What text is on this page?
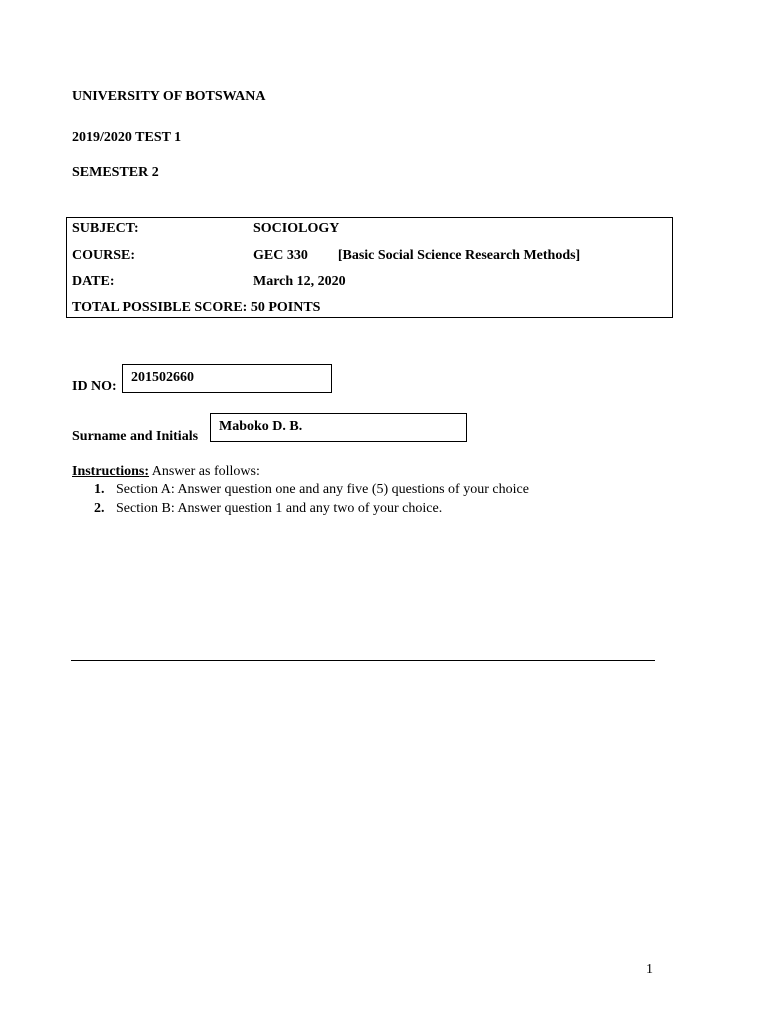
UNIVERSITY OF BOTSWANA
2019/2020 TEST 1
SEMESTER 2
SUBJECT:	SOCIOLOGY
COURSE:	GEC 330 [Basic Social Science Research Methods]
DATE:	March 12, 2020
TOTAL POSSIBLE SCORE: 50 POINTS
ID NO:
201502660
Surname and Initials
Maboko D. B.
Instructions: Answer as follows:
1. Section A: Answer question one and any five (5) questions of your choice
2. Section B: Answer question 1 and any two of your choice.
1
